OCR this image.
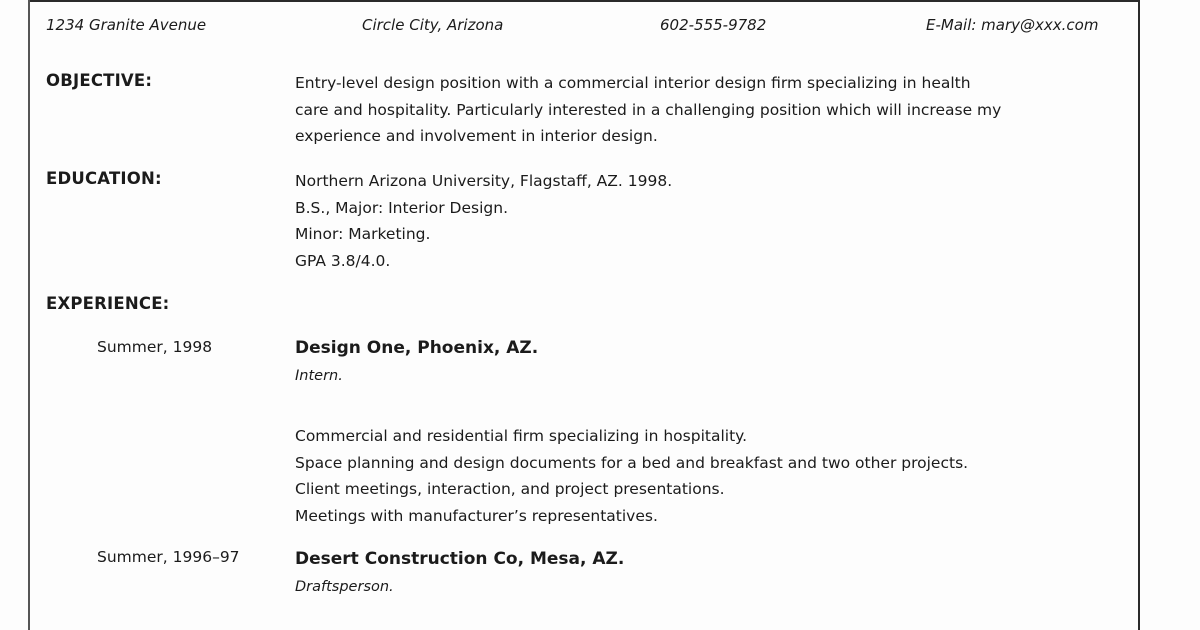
1234 Granite Avenue	Circle City, Arizona	602-555-9782	E-Mail: mary@xxx.com
OBJECTIVE:	Entry-level design position with a commercial interior design firm specializing in health
care and hospitality. Particularly interested in a challenging position which will increase my
experience and involvement in interior design.
EDUCATION:	Northern Arizona University, Flagstaff, AZ. 1998.
B.S., Major: Interior Design.
Minor: Marketing.
GPA 3.8/4.0.
EXPERIENCE:
Summer, 1998	Design One, Phoenix, AZ.
Intern.
Commercial and residential firm specializing in hospitality.
Space planning and design documents for a bed and breakfast and two other projects.
Client meetings, interaction, and project presentations.
Meetings with manufacturer’s representatives.
Summer, 1996–97	Desert Construction Co, Mesa, AZ.
Draftsperson.
